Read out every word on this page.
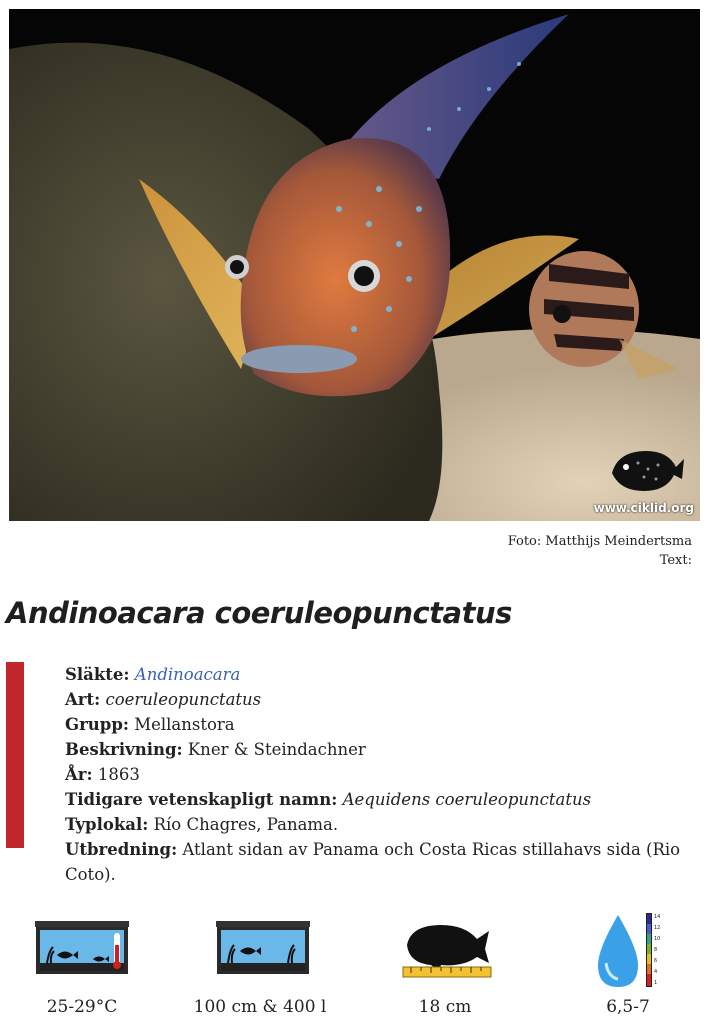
www.ciklid.org
Foto: Matthijs Meindertsma
Text:
Andinoacara coeruleopunctatus

Släkte: Andinoacara

Art: coeruleopunctatus

Grupp: Mellanstora

Beskrivning: Kner & Steindachner

År: 1863

Tidigare vetenskapligt namn: Aequidens coeruleopunctatus

Typlokal: Río Chagres, Panama.

Utbredning: Atlant sidan av Panama och Costa Ricas stillahavs sida (Rio Coto).

25-29°C	100 cm & 400 l	18 cm
14
12
10
8
6
4
1
6,5-7
